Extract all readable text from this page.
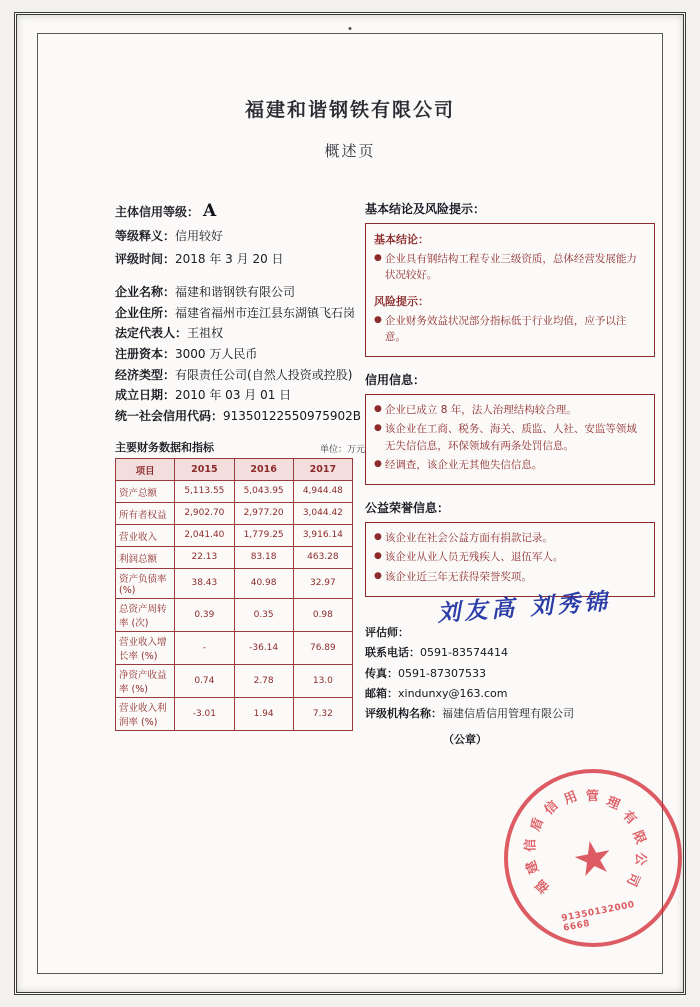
福建和谐钢铁有限公司
概述页
主体信用等级： A
等级释义：信用较好
评级时间：2018 年 3 月 20 日
企业名称：福建和谐钢铁有限公司
企业住所：福建省福州市连江县东湖镇飞石岗
法定代表人：王祖权
注册资本：3000 万人民币
经济类型：有限责任公司(自然人投资或控股)
成立日期：2010 年 03 月 01 日
统一社会信用代码：91350122550975902B
主要财务数据和指标	单位：万元
项目	2015	2016	2017
资产总额	5,113.55	5,043.95	4,944.48
所有者权益	2,902.70	2,977.20	3,044.42
营业收入	2,041.40	1,779.25	3,916.14
利润总额	22.13	83.18	463.28
资产负债率 (%)	38.43	40.98	32.97
总资产周转率 (次)	0.39	0.35	0.98
营业收入增长率 (%)	-	-36.14	76.89
净资产收益率 (%)	0.74	2.78	13.0
营业收入利润率 (%)	-3.01	1.94	7.32
基本结论及风险提示：
基本结论：
● 企业具有钢结构工程专业三级资质，总体经营发展能力状况较好。
风险提示：
● 企业财务效益状况部分指标低于行业均值，应予以注意。
信用信息：
● 企业已成立 8 年，法人治理结构较合理。
● 该企业在工商、税务、海关、质监、人社、安监等领域无失信信息，环保领域有两条处罚信息。
● 经调查，该企业无其他失信信息。
公益荣誉信息：
● 该企业在社会公益方面有捐款记录。
● 该企业从业人员无残疾人、退伍军人。
● 该企业近三年无获得荣誉奖项。
刘友高 刘秀锦
评估师：
联系电话：0591-83574414
传真：0591-87307533
邮箱：xindunxy@163.com
评级机构名称：福建信盾信用管理有限公司
（公章）
福
建
信
盾
信 用 管 理
有
限
公
司
★
91350132000 6668
